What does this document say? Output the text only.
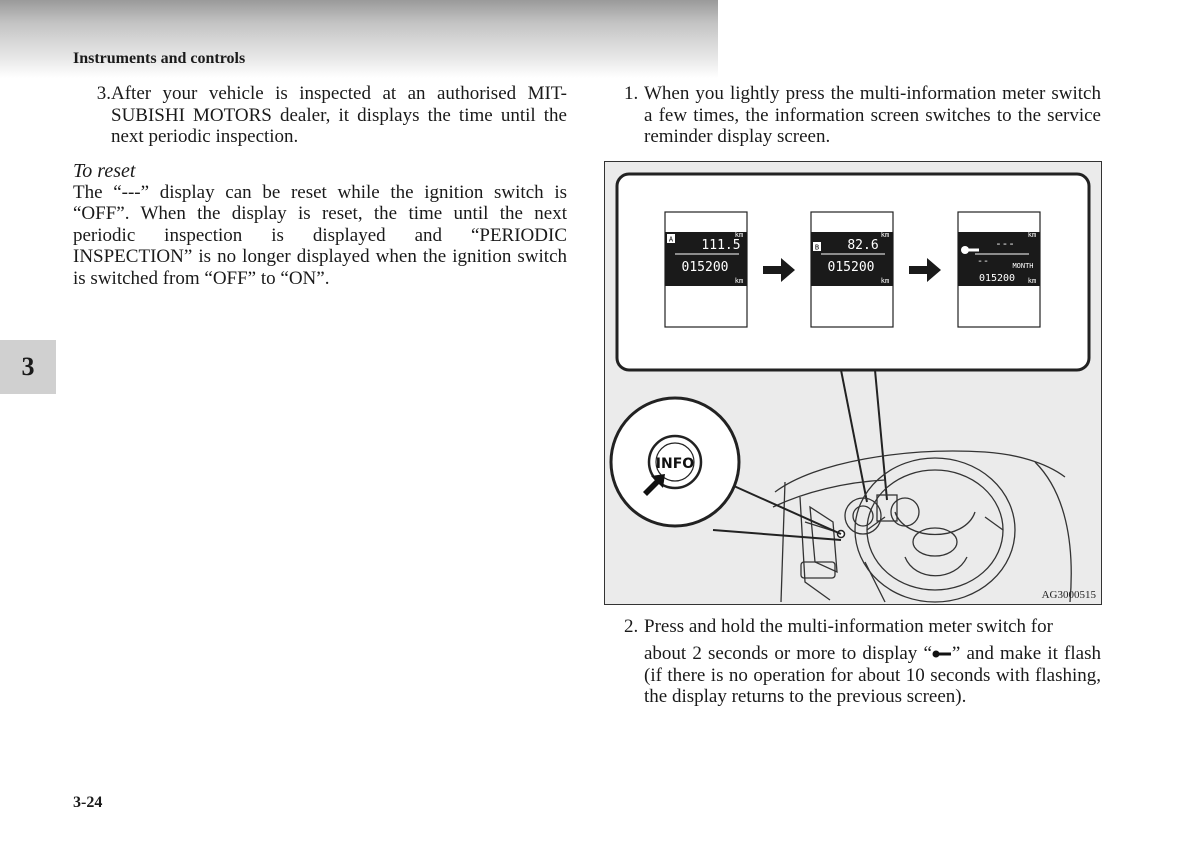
Instruments and controls
3
3. After your vehicle is inspected at an authorised MIT-SUBISHI MOTORS dealer, it displays the time until the next periodic inspection.
To reset
The “---” display can be reset while the ignition switch is “OFF”. When the display is reset, the time until the next periodic inspection is displayed and “PERIODIC INSPECTION” is no longer displayed when the ignition switch is switched from “OFF” to “ON”.
1. When you lightly press the multi-information meter switch a few times, the information screen switches to the service reminder display screen.
A 111.5
km
015200
km
B 82.6
km
015200
km
---
km
--	MONTH
015200 km
INFO
AG3000515
2. Press and hold the multi-information meter switch for
about 2 seconds or more to display “ ” and make it flash (if there is no operation for about 10 seconds with flashing, the display returns to the previous screen).
3-24
